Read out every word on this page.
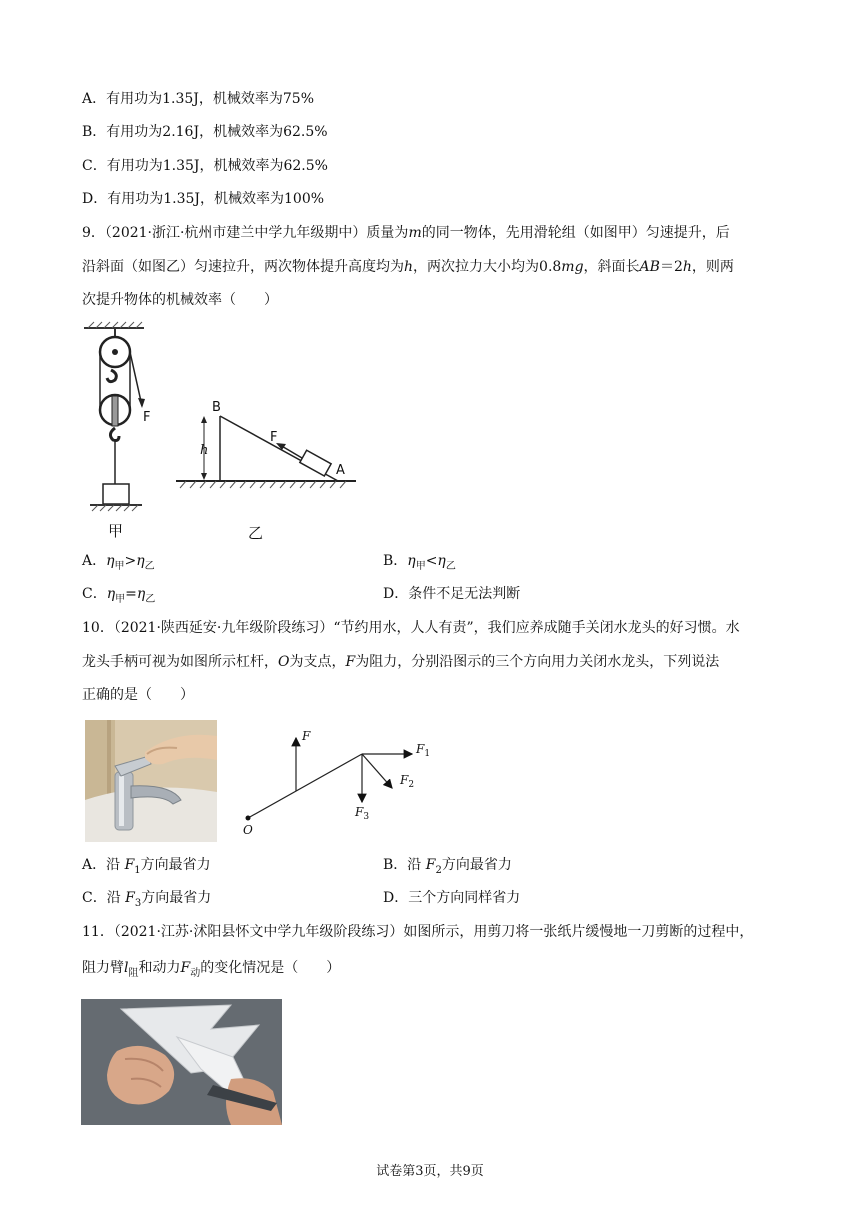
A．有用功为1.35J，机械效率为75%
B．有用功为2.16J，机械效率为62.5%
C．有用功为1.35J，机械效率为62.5%
D．有用功为1.35J，机械效率为100%
9．（2021·浙江·杭州市建兰中学九年级期中）质量为m的同一物体，先用滑轮组（如图甲）匀速提升，后
沿斜面（如图乙）匀速拉升，两次物体提升高度均为h，两次拉力大小均为0.8mg，斜面长AB＝2h，则两
次提升物体的机械效率（　　）
F
甲
F
B
A
h
乙
A．$\eta_甲>\eta_乙$	B．$\eta_甲<\eta_乙$
C．$\eta_甲=\eta_乙$	D．条件不足无法判断
10．（2021·陕西延安·九年级阶段练习）“节约用水，人人有责”，我们应养成随手关闭水龙头的好习惯。水
龙头手柄可视为如图所示杠杆，O为支点，F为阻力，分别沿图示的三个方向用力关闭水龙头，下列说法
正确的是（　　）
F
$F_1$
$F_2$
$F_3$
O
A．沿 $F_1$方向最省力	B．沿 $F_2$方向最省力
C．沿 $F_3$方向最省力	D．三个方向同样省力
11．（2021·江苏·沭阳县怀文中学九年级阶段练习）如图所示，用剪刀将一张纸片缓慢地一刀剪断的过程中，
阻力臂$l_阻$和动力$F_动$的变化情况是（　　）
试卷第3页，共9页
